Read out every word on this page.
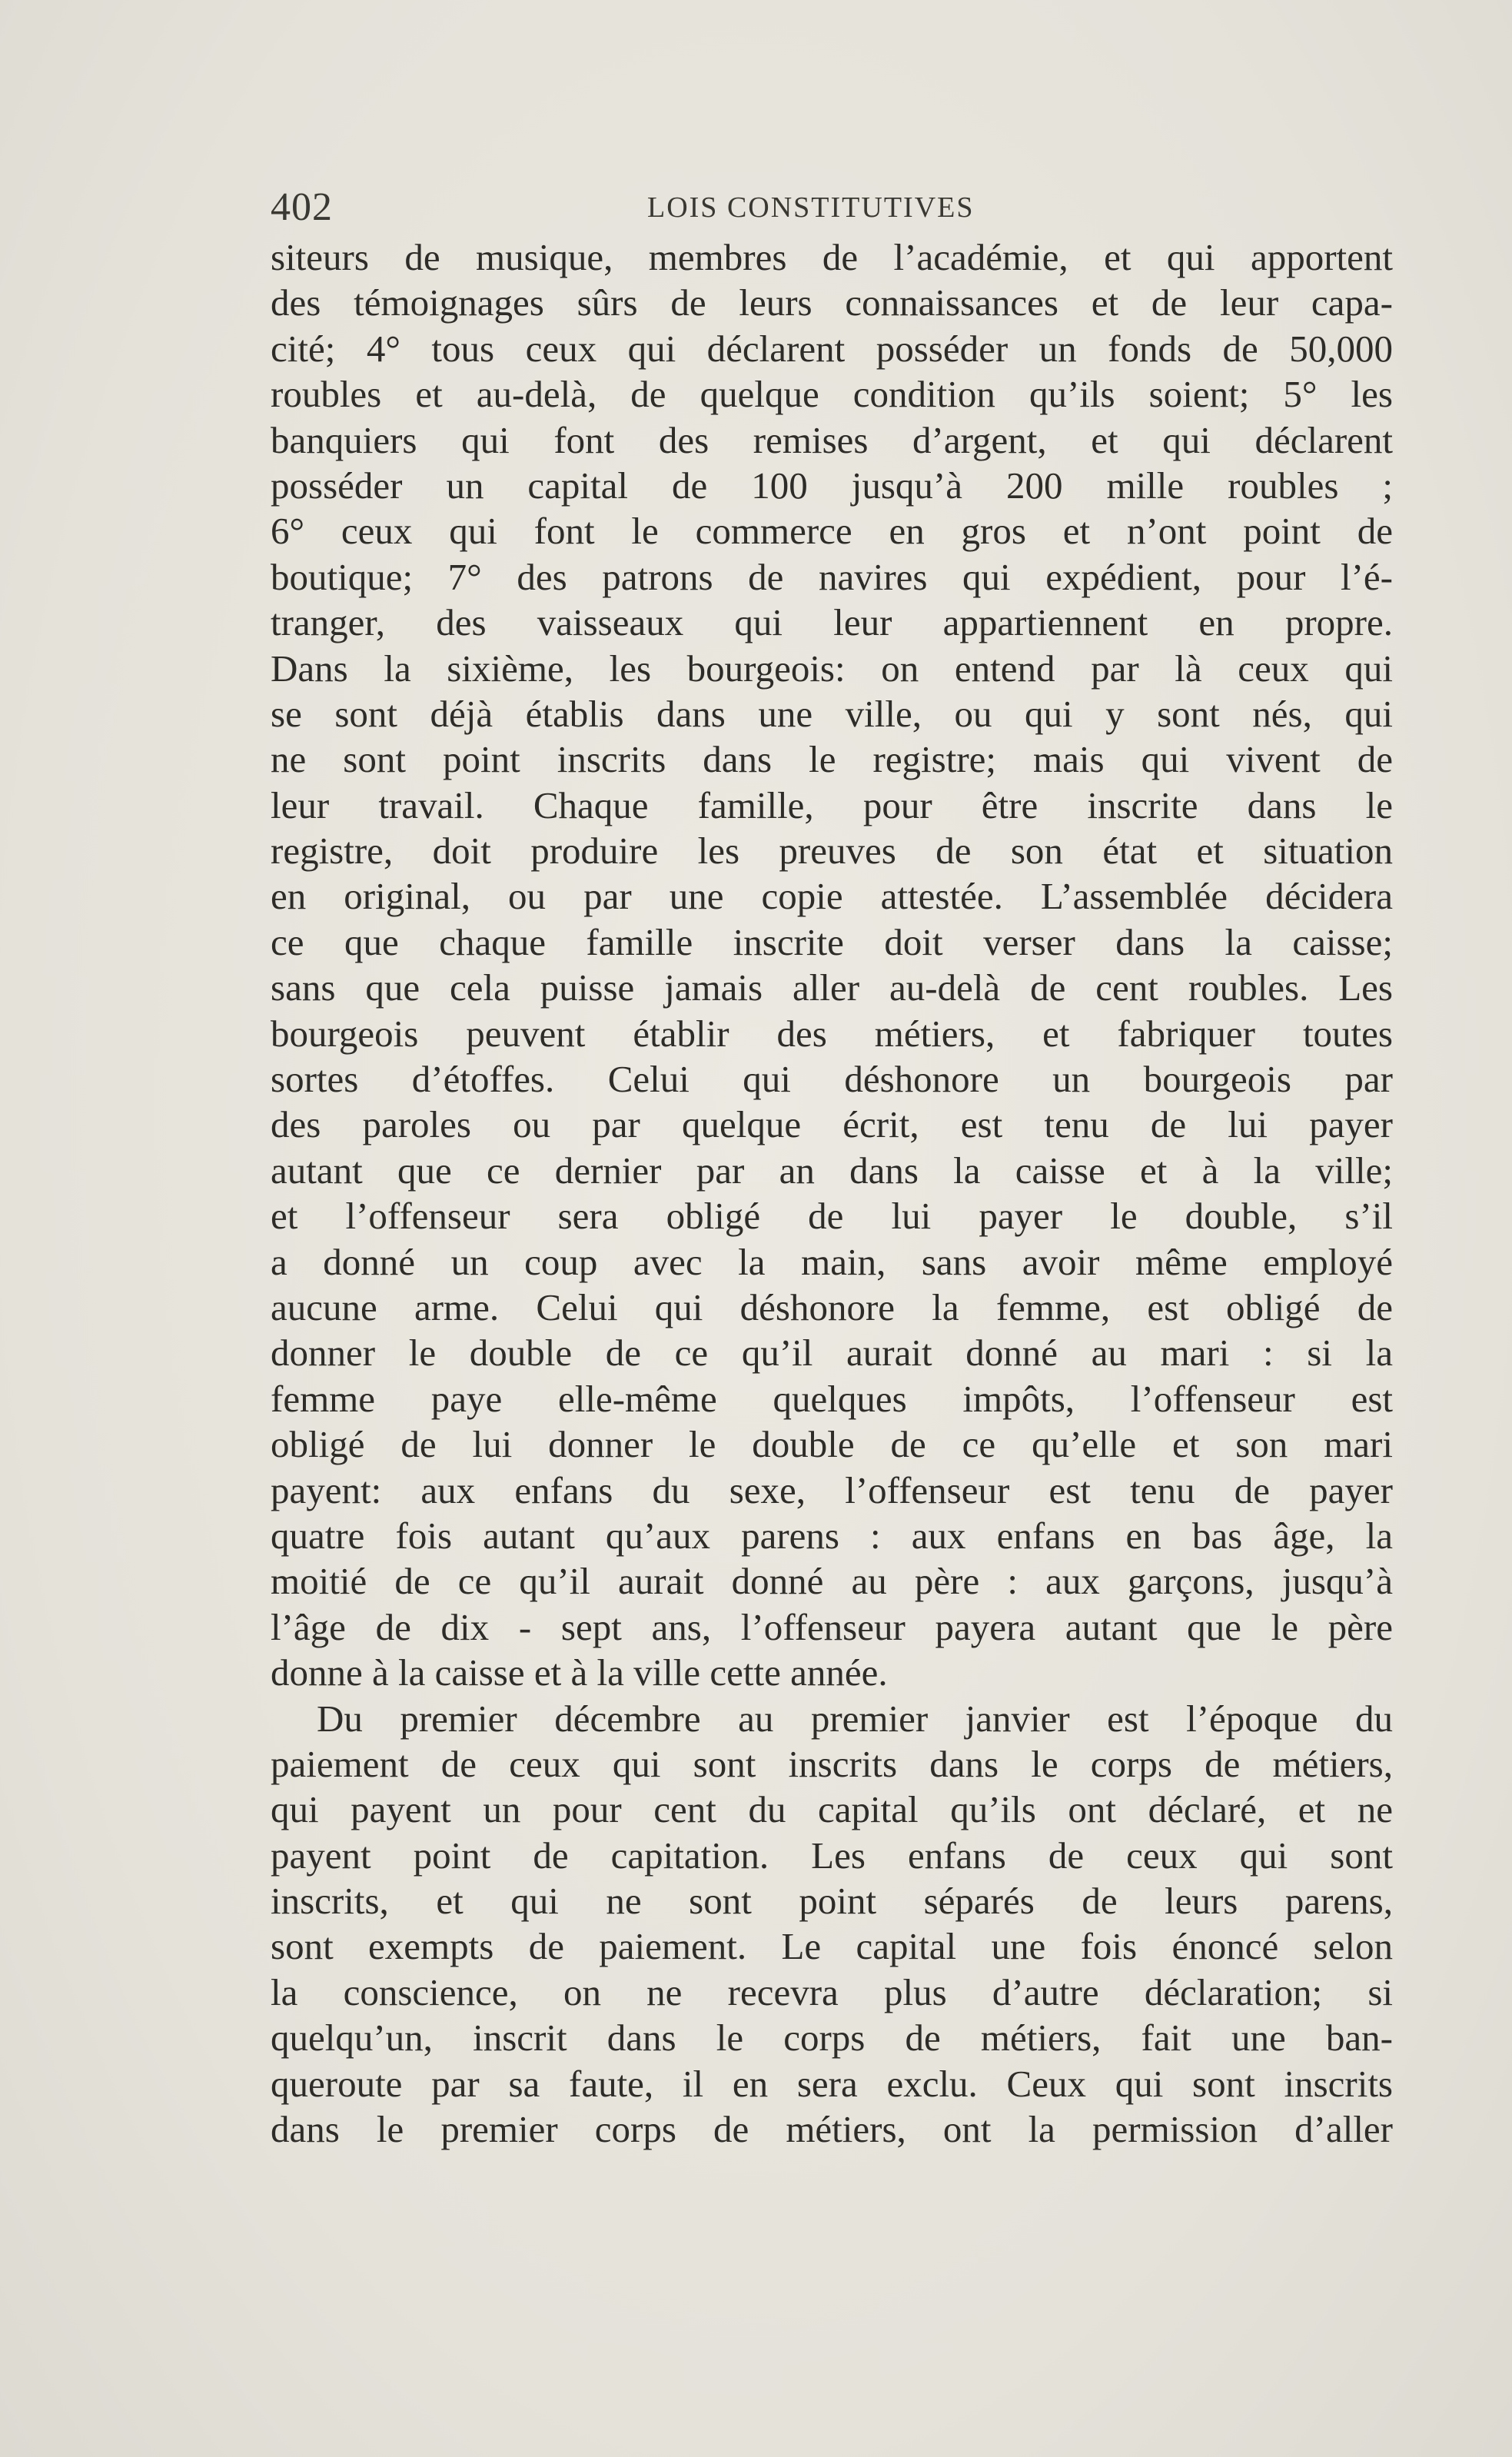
402	LOIS CONSTITUTIVES
siteurs de musique, membres de l’académie, et qui apportent
des témoignages sûrs de leurs connaissances et de leur capa-
cité; 4° tous ceux qui déclarent posséder un fonds de 50,000
roubles et au-delà, de quelque condition qu’ils soient; 5° les
banquiers qui font des remises d’argent, et qui déclarent
posséder un capital de 100 jusqu’à 200 mille roubles ;
6° ceux qui font le commerce en gros et n’ont point de
boutique; 7° des patrons de navires qui expédient, pour l’é-
tranger, des vaisseaux qui leur appartiennent en propre.
Dans la sixième, les bourgeois: on entend par là ceux qui
se sont déjà établis dans une ville, ou qui y sont nés, qui
ne sont point inscrits dans le registre; mais qui vivent de
leur travail. Chaque famille, pour être inscrite dans le
registre, doit produire les preuves de son état et situation
en original, ou par une copie attestée. L’assemblée décidera
ce que chaque famille inscrite doit verser dans la caisse;
sans que cela puisse jamais aller au-delà de cent roubles. Les
bourgeois peuvent établir des métiers, et fabriquer toutes
sortes d’étoffes. Celui qui déshonore un bourgeois par
des paroles ou par quelque écrit, est tenu de lui payer
autant que ce dernier par an dans la caisse et à la ville;
et l’offenseur sera obligé de lui payer le double, s’il
a donné un coup avec la main, sans avoir même employé
aucune arme. Celui qui déshonore la femme, est obligé de
donner le double de ce qu’il aurait donné au mari : si la
femme paye elle-même quelques impôts, l’offenseur est
obligé de lui donner le double de ce qu’elle et son mari
payent: aux enfans du sexe, l’offenseur est tenu de payer
quatre fois autant qu’aux parens : aux enfans en bas âge, la
moitié de ce qu’il aurait donné au père : aux garçons, jusqu’à
l’âge de dix - sept ans, l’offenseur payera autant que le père
donne à la caisse et à la ville cette année.
Du premier décembre au premier janvier est l’époque du
paiement de ceux qui sont inscrits dans le corps de métiers,
qui payent un pour cent du capital qu’ils ont déclaré, et ne
payent point de capitation. Les enfans de ceux qui sont
inscrits, et qui ne sont point séparés de leurs parens,
sont exempts de paiement. Le capital une fois énoncé selon
la conscience, on ne recevra plus d’autre déclaration; si
quelqu’un, inscrit dans le corps de métiers, fait une ban-
queroute par sa faute, il en sera exclu. Ceux qui sont inscrits
dans le premier corps de métiers, ont la permission d’aller
